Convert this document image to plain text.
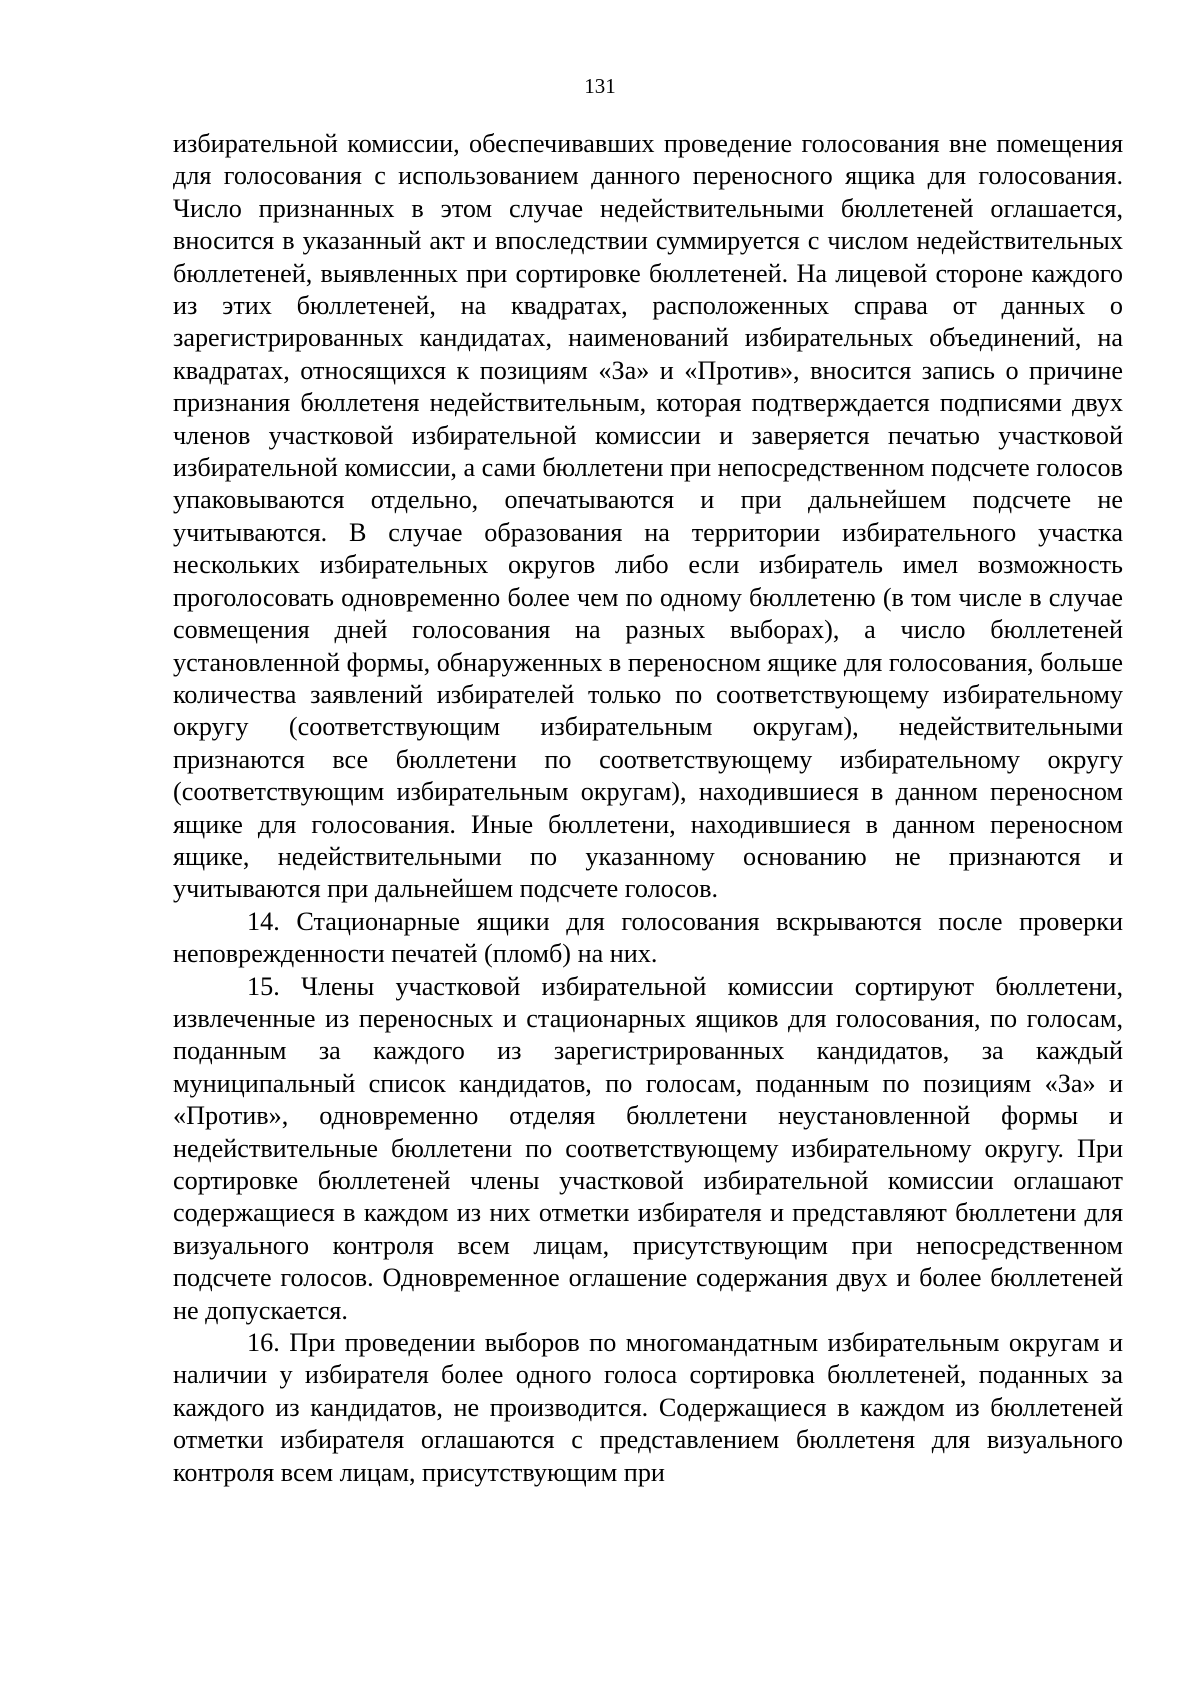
131

избирательной комиссии, обеспечивавших проведение голосования вне помещения для голосования с использованием данного переносного ящика для голосования. Число признанных в этом случае недействительными бюллетеней оглашается, вносится в указанный акт и впоследствии суммируется с числом недействительных бюллетеней, выявленных при сортировке бюллетеней. На лицевой стороне каждого из этих бюллетеней, на квадратах, расположенных справа от данных о зарегистрированных кандидатах, наименований избирательных объединений, на квадратах, относящихся к позициям «За» и «Против», вносится запись о причине признания бюллетеня недействительным, которая подтверждается подписями двух членов участковой избирательной комиссии и заверяется печатью участковой избирательной комиссии, а сами бюллетени при непосредственном подсчете голосов упаковываются отдельно, опечатываются и при дальнейшем подсчете не учитываются. В случае образования на территории избирательного участка нескольких избирательных округов либо если избиратель имел возможность проголосовать одновременно более чем по одному бюллетеню (в том числе в случае совмещения дней голосования на разных выборах), а число бюллетеней установленной формы, обнаруженных в переносном ящике для голосования, больше количества заявлений избирателей только по соответствующему избирательному округу (соответствующим избирательным округам), недействительными признаются все бюллетени по соответствующему избирательному округу (соответствующим избирательным округам), находившиеся в данном переносном ящике для голосования. Иные бюллетени, находившиеся в данном переносном ящике, недействительными по указанному основанию не признаются и учитываются при дальнейшем подсчете голосов.

14. Стационарные ящики для голосования вскрываются после проверки неповрежденности печатей (пломб) на них.

15. Члены участковой избирательной комиссии сортируют бюллетени, извлеченные из переносных и стационарных ящиков для голосования, по голосам, поданным за каждого из зарегистрированных кандидатов, за каждый муниципальный список кандидатов, по голосам, поданным по позициям «За» и «Против», одновременно отделяя бюллетени неустановленной формы и недействительные бюллетени по соответствующему избирательному округу. При сортировке бюллетеней члены участковой избирательной комиссии оглашают содержащиеся в каждом из них отметки избирателя и представляют бюллетени для визуального контроля всем лицам, присутствующим при непосредственном подсчете голосов. Одновременное оглашение содержания двух и более бюллетеней не допускается.

16. При проведении выборов по многомандатным избирательным округам и наличии у избирателя более одного голоса сортировка бюллетеней, поданных за каждого из кандидатов, не производится. Содержащиеся в каждом из бюллетеней отметки избирателя оглашаются с представлением бюллетеня для визуального контроля всем лицам, присутствующим при
